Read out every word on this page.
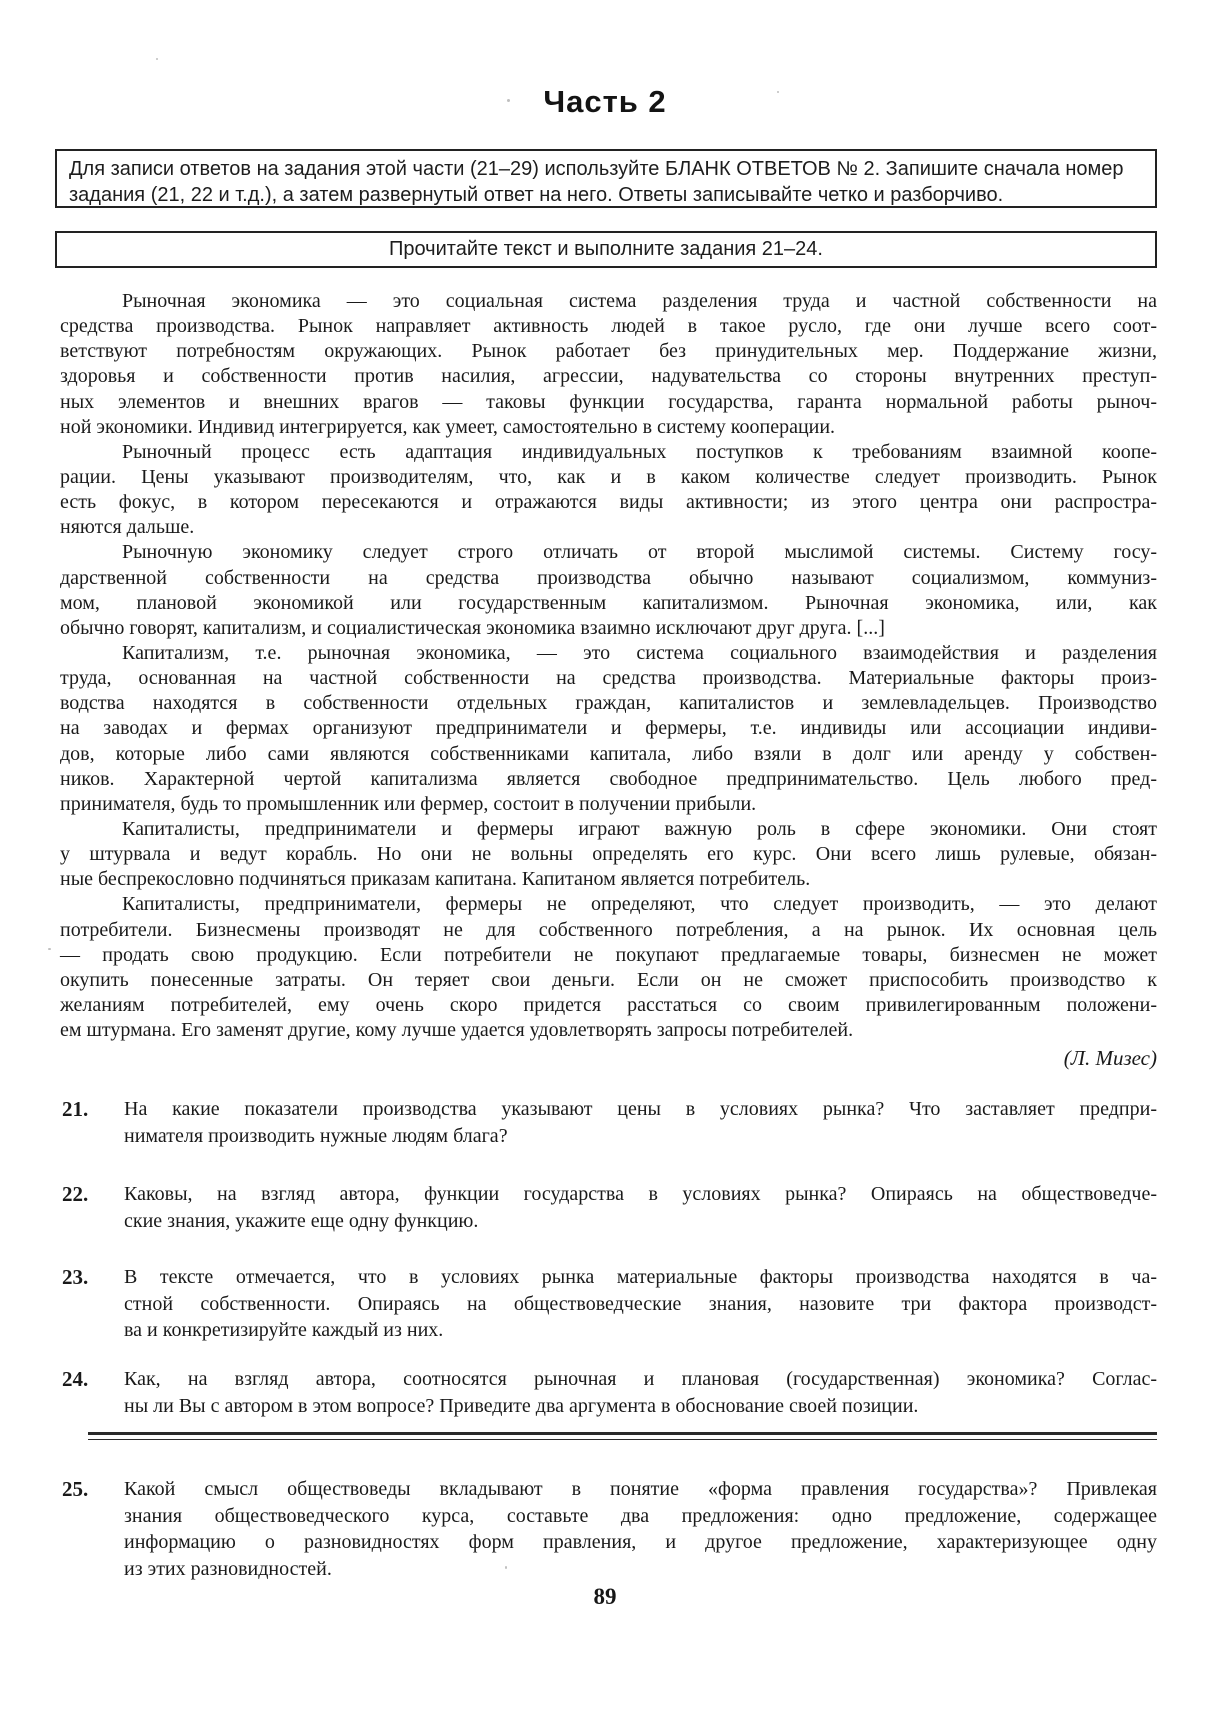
Часть 2
Для записи ответов на задания этой части (21–29) используйте БЛАНК ОТВЕТОВ № 2. Запишите сначала номер
задания (21, 22 и т.д.), а затем развернутый ответ на него. Ответы записывайте четко и разборчиво.
Прочитайте текст и выполните задания 21–24.
Рыночная экономика — это социальная система разделения труда и частной собственности на
средства производства. Рынок направляет активность людей в такое русло, где они лучше всего соот-
ветствуют потребностям окружающих. Рынок работает без принудительных мер. Поддержание жизни,
здоровья и собственности против насилия, агрессии, надувательства со стороны внутренних преступ-
ных элементов и внешних врагов — таковы функции государства, гаранта нормальной работы рыноч-
ной экономики. Индивид интегрируется, как умеет, самостоятельно в систему кооперации.
Рыночный процесс есть адаптация индивидуальных поступков к требованиям взаимной коопе-
рации. Цены указывают производителям, что, как и в каком количестве следует производить. Рынок
есть фокус, в котором пересекаются и отражаются виды активности; из этого центра они распростра-
няются дальше.
Рыночную экономику следует строго отличать от второй мыслимой системы. Систему госу-
дарственной собственности на средства производства обычно называют социализмом, коммуниз-
мом, плановой экономикой или государственным капитализмом. Рыночная экономика, или, как
обычно говорят, капитализм, и социалистическая экономика взаимно исключают друг друга. [...]
Капитализм, т.е. рыночная экономика, — это система социального взаимодействия и разделения
труда, основанная на частной собственности на средства производства. Материальные факторы произ-
водства находятся в собственности отдельных граждан, капиталистов и землевладельцев. Производство
на заводах и фермах организуют предприниматели и фермеры, т.е. индивиды или ассоциации индиви-
дов, которые либо сами являются собственниками капитала, либо взяли в долг или аренду у собствен-
ников. Характерной чертой капитализма является свободное предпринимательство. Цель любого пред-
принимателя, будь то промышленник или фермер, состоит в получении прибыли.
Капиталисты, предприниматели и фермеры играют важную роль в сфере экономики. Они стоят
у штурвала и ведут корабль. Но они не вольны определять его курс. Они всего лишь рулевые, обязан-
ные беспрекословно подчиняться приказам капитана. Капитаном является потребитель.
Капиталисты, предприниматели, фермеры не определяют, что следует производить, — это делают
потребители. Бизнесмены производят не для собственного потребления, а на рынок. Их основная цель
— продать свою продукцию. Если потребители не покупают предлагаемые товары, бизнесмен не может
окупить понесенные затраты. Он теряет свои деньги. Если он не сможет приспособить производство к
желаниям потребителей, ему очень скоро придется расстаться со своим привилегированным положени-
ем штурмана. Его заменят другие, кому лучше удается удовлетворять запросы потребителей.
(Л. Мизес)
21. На какие показатели производства указывают цены в условиях рынка? Что заставляет предпри-
нимателя производить нужные людям блага?
22. Каковы, на взгляд автора, функции государства в условиях рынка? Опираясь на обществоведче-
ские знания, укажите еще одну функцию.
23. В тексте отмечается, что в условиях рынка материальные факторы производства находятся в ча-
стной собственности. Опираясь на обществоведческие знания, назовите три фактора производст-
ва и конкретизируйте каждый из них.
24. Как, на взгляд автора, соотносятся рыночная и плановая (государственная) экономика? Соглас-
ны ли Вы с автором в этом вопросе? Приведите два аргумента в обоснование своей позиции.
25. Какой смысл обществоведы вкладывают в понятие «форма правления государства»? Привлекая
знания обществоведческого курса, составьте два предложения: одно предложение, содержащее
информацию о разновидностях форм правления, и другое предложение, характеризующее одну
из этих разновидностей.
89
